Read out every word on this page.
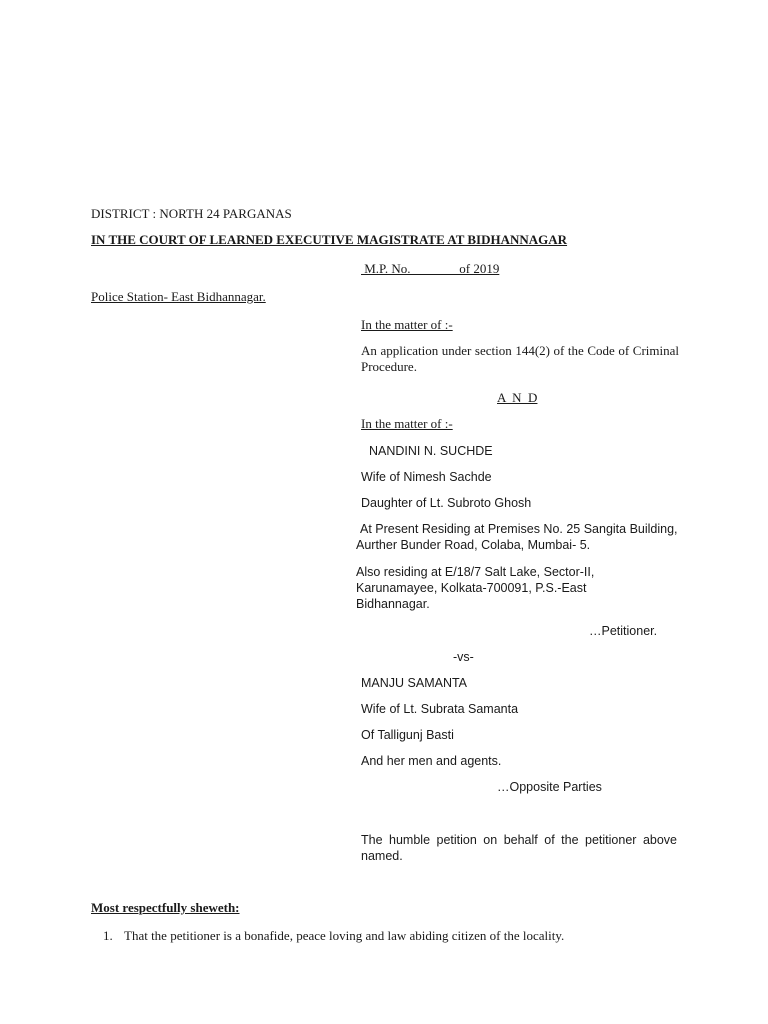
DISTRICT : NORTH 24 PARGANAS
IN THE COURT OF LEARNED EXECUTIVE MAGISTRATE AT BIDHANNAGAR
M.P. No.               of 2019
Police Station- East Bidhannagar.
In the matter of :-
An application under section 144(2) of the Code of Criminal Procedure.
A  N  D
In the matter of :-
NANDINI N. SUCHDE
Wife of Nimesh Sachde
Daughter of Lt. Subroto Ghosh
At Present Residing at Premises No. 25 Sangita Building, Aurther Bunder Road, Colaba, Mumbai- 5.
Also residing at E/18/7 Salt Lake, Sector-II, Karunamayee, Kolkata-700091, P.S.-East Bidhannagar.
…Petitioner.
-vs-
MANJU SAMANTA
Wife of Lt. Subrata Samanta
Of Talligunj Basti
And her men and agents.
…Opposite Parties
The humble petition on behalf of the petitioner above named.
Most respectfully sheweth:
1. That the petitioner is a bonafide, peace loving and law abiding citizen of the locality.
